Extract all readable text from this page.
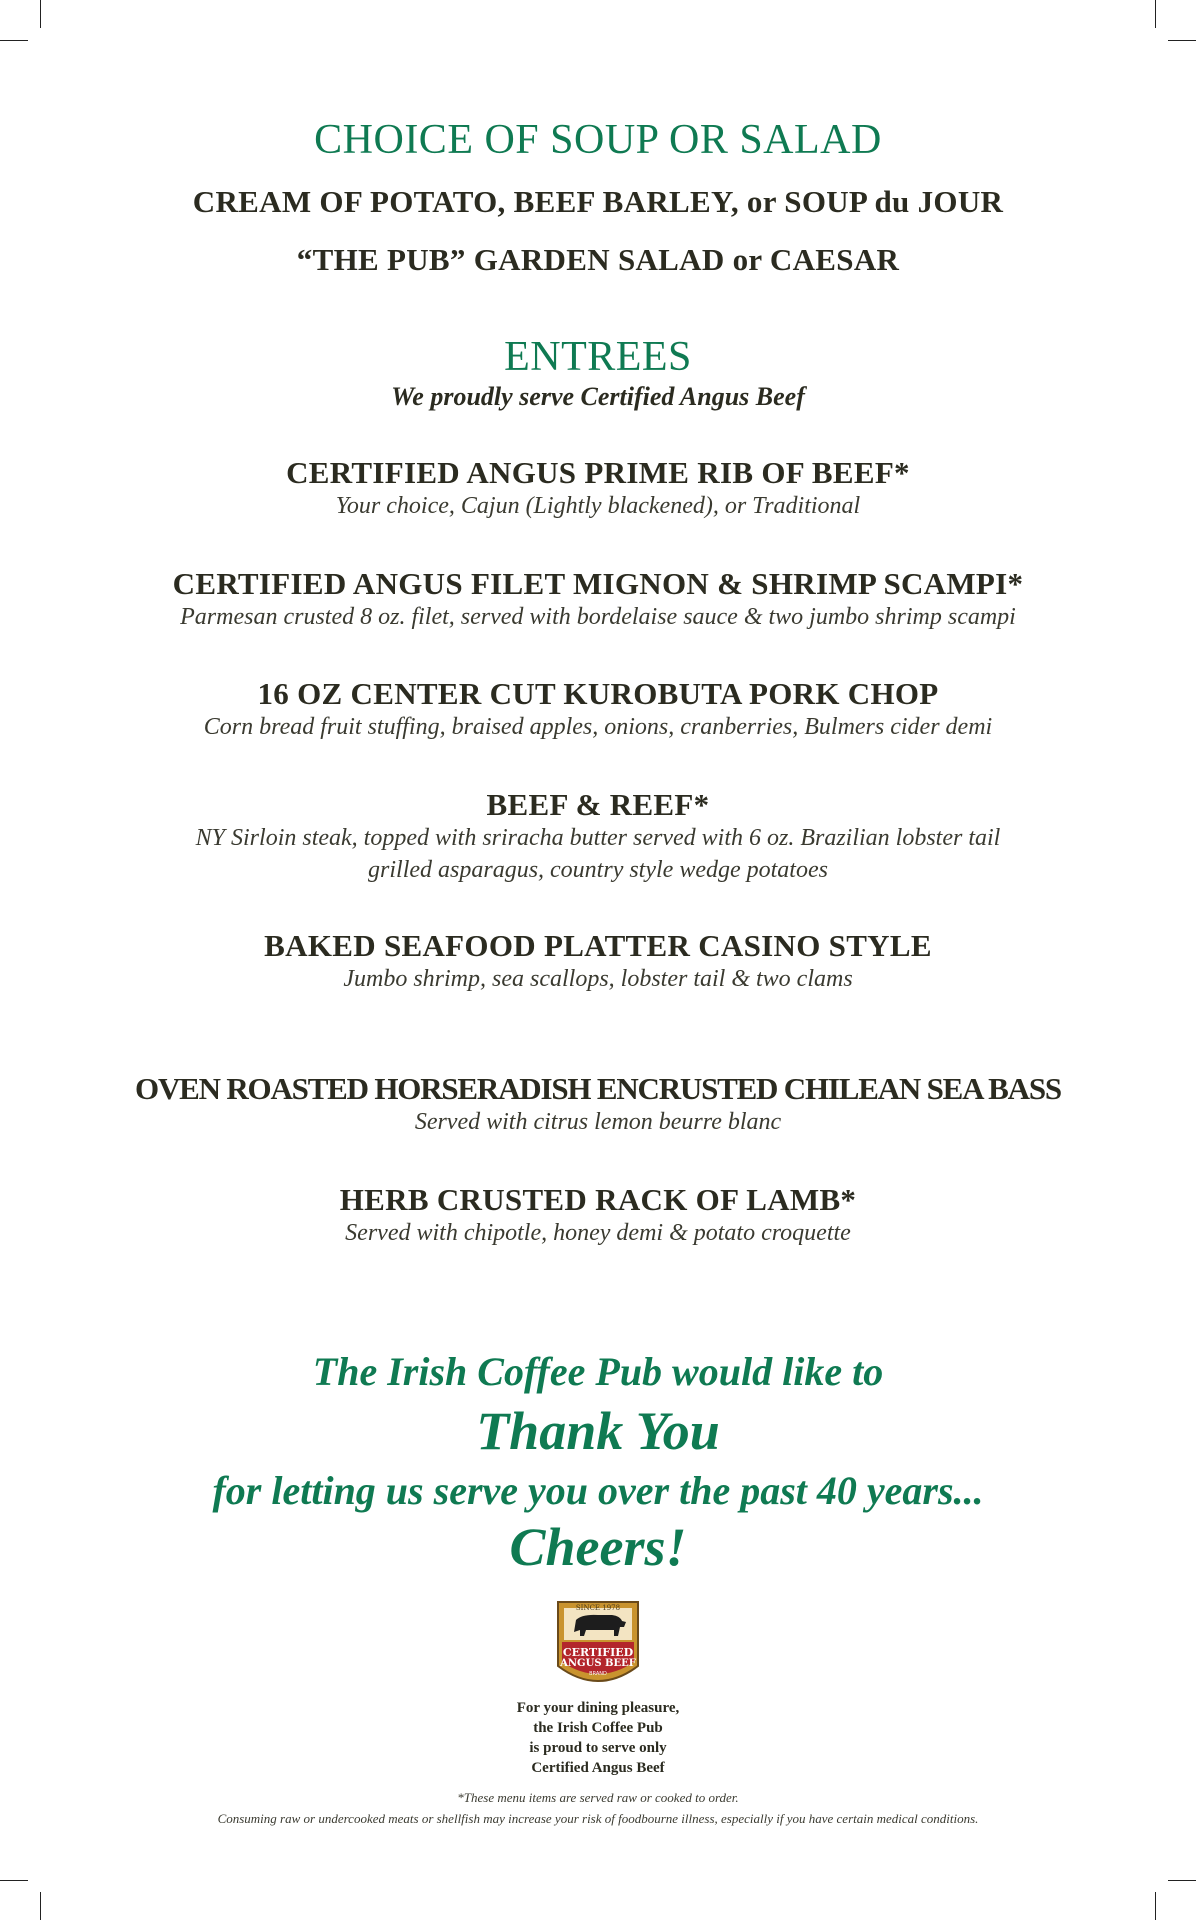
CHOICE OF SOUP OR SALAD
CREAM OF POTATO, BEEF BARLEY, or SOUP du JOUR
“THE PUB” GARDEN SALAD or CAESAR
ENTREES
We proudly serve Certified Angus Beef
CERTIFIED ANGUS PRIME RIB OF BEEF*
Your choice, Cajun (Lightly blackened), or Traditional
CERTIFIED ANGUS FILET MIGNON & SHRIMP SCAMPI*
Parmesan crusted 8 oz. filet, served with bordelaise sauce & two jumbo shrimp scampi
16 OZ CENTER CUT KUROBUTA PORK CHOP
Corn bread fruit stuffing, braised apples, onions, cranberries, Bulmers cider demi
BEEF & REEF*
NY Sirloin steak, topped with sriracha butter served with 6 oz. Brazilian lobster tail
grilled asparagus, country style wedge potatoes
BAKED SEAFOOD PLATTER CASINO STYLE
Jumbo shrimp, sea scallops, lobster tail & two clams
OVEN ROASTED HORSERADISH ENCRUSTED CHILEAN SEA BASS
Served with citrus lemon beurre blanc
HERB CRUSTED RACK OF LAMB*
Served with chipotle, honey demi & potato croquette
The Irish Coffee Pub would like to
Thank You
for letting us serve you over the past 40 years...
Cheers!
SINCE 1978
CERTIFIED
ANGUS BEEF
BRAND
For your dining pleasure,
the Irish Coffee Pub
is proud to serve only
Certified Angus Beef
*These menu items are served raw or cooked to order.
Consuming raw or undercooked meats or shellfish may increase your risk of foodbourne illness, especially if you have certain medical conditions.
